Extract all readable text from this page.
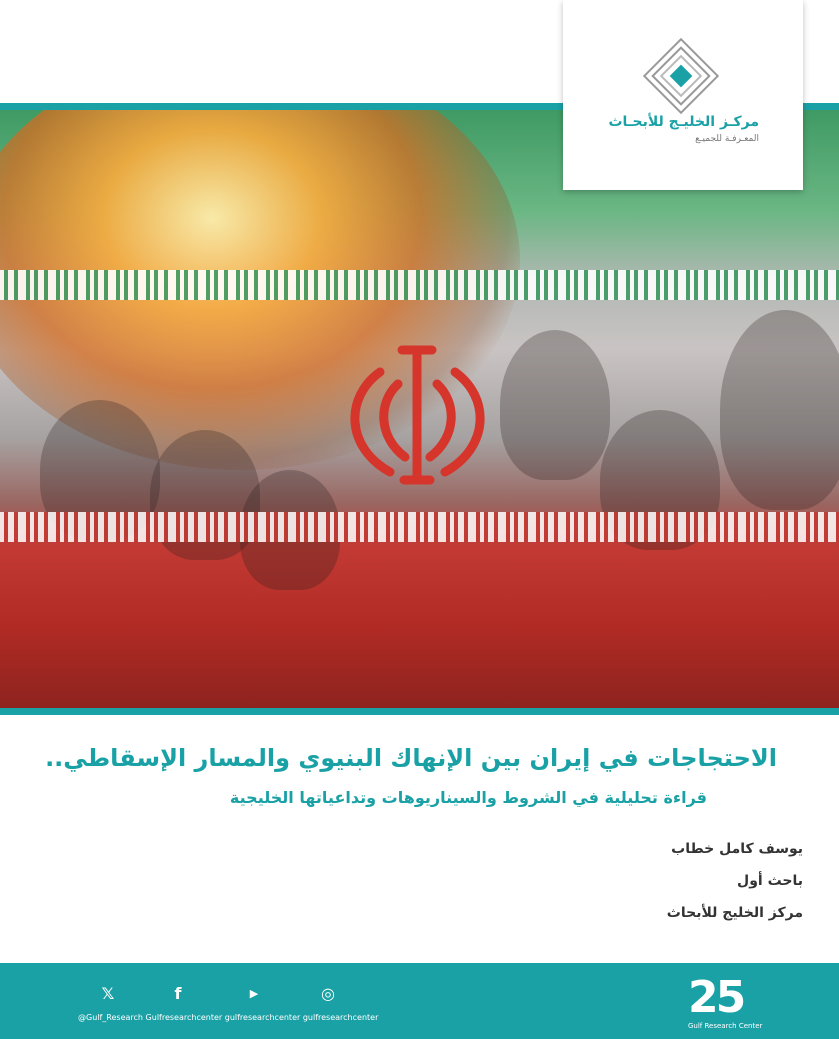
مركـز الخليـج للأبحـاث
المعـرفـة للجميـع
الاحتجاجات في إيران بين الإنهاك البنيوي والمسار الإسقاطي..
قراءة تحليلية في الشروط والسيناريوهات وتداعياتها الخليجية
يوسف كامل خطاب
باحث أول
مركز الخليج للأبحاث
𝕏	f	▶	◎
@Gulf_Research Gulfresearchcenter gulfresearchcenter gulfresearchcenter	25
Gulf Research Center
